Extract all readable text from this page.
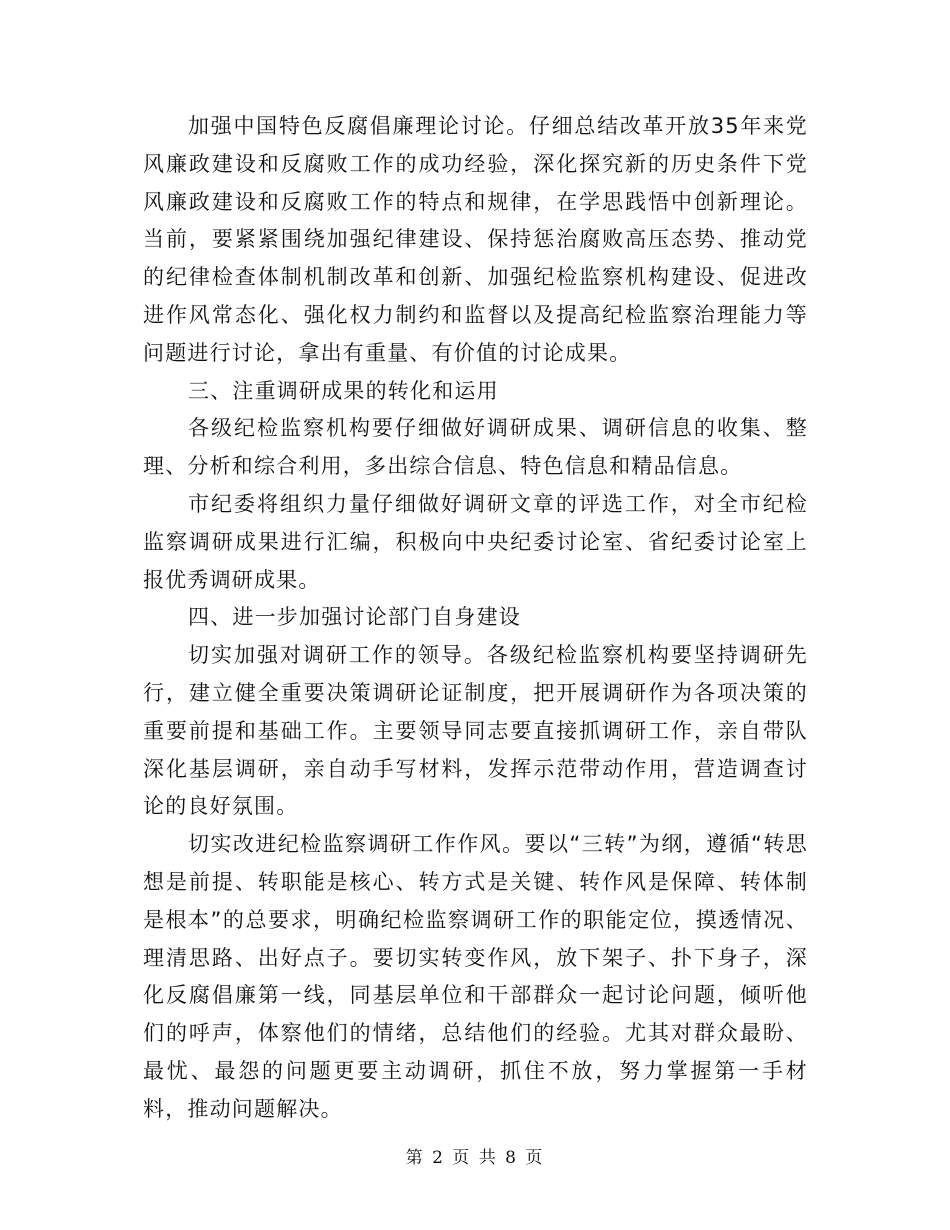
加强中国特色反腐倡廉理论讨论。仔细总结改革开放35年来党风廉政建设和反腐败工作的成功经验，深化探究新的历史条件下党风廉政建设和反腐败工作的特点和规律，在学思践悟中创新理论。当前，要紧紧围绕加强纪律建设、保持惩治腐败高压态势、推动党的纪律检查体制机制改革和创新、加强纪检监察机构建设、促进改进作风常态化、强化权力制约和监督以及提高纪检监察治理能力等问题进行讨论，拿出有重量、有价值的讨论成果。

三、注重调研成果的转化和运用

各级纪检监察机构要仔细做好调研成果、调研信息的收集、整理、分析和综合利用，多出综合信息、特色信息和精品信息。

市纪委将组织力量仔细做好调研文章的评选工作，对全市纪检监察调研成果进行汇编，积极向中央纪委讨论室、省纪委讨论室上报优秀调研成果。

四、进一步加强讨论部门自身建设

切实加强对调研工作的领导。各级纪检监察机构要坚持调研先行，建立健全重要决策调研论证制度，把开展调研作为各项决策的重要前提和基础工作。主要领导同志要直接抓调研工作，亲自带队深化基层调研，亲自动手写材料，发挥示范带动作用，营造调查讨论的良好氛围。

切实改进纪检监察调研工作作风。要以“三转”为纲，遵循“转思想是前提、转职能是核心、转方式是关键、转作风是保障、转体制是根本”的总要求，明确纪检监察调研工作的职能定位，摸透情况、理清思路、出好点子。要切实转变作风，放下架子、扑下身子，深化反腐倡廉第一线，同基层单位和干部群众一起讨论问题，倾听他们的呼声，体察他们的情绪，总结他们的经验。尤其对群众最盼、最忧、最怨的问题更要主动调研，抓住不放，努力掌握第一手材料，推动问题解决。

第 2 页 共 8 页
